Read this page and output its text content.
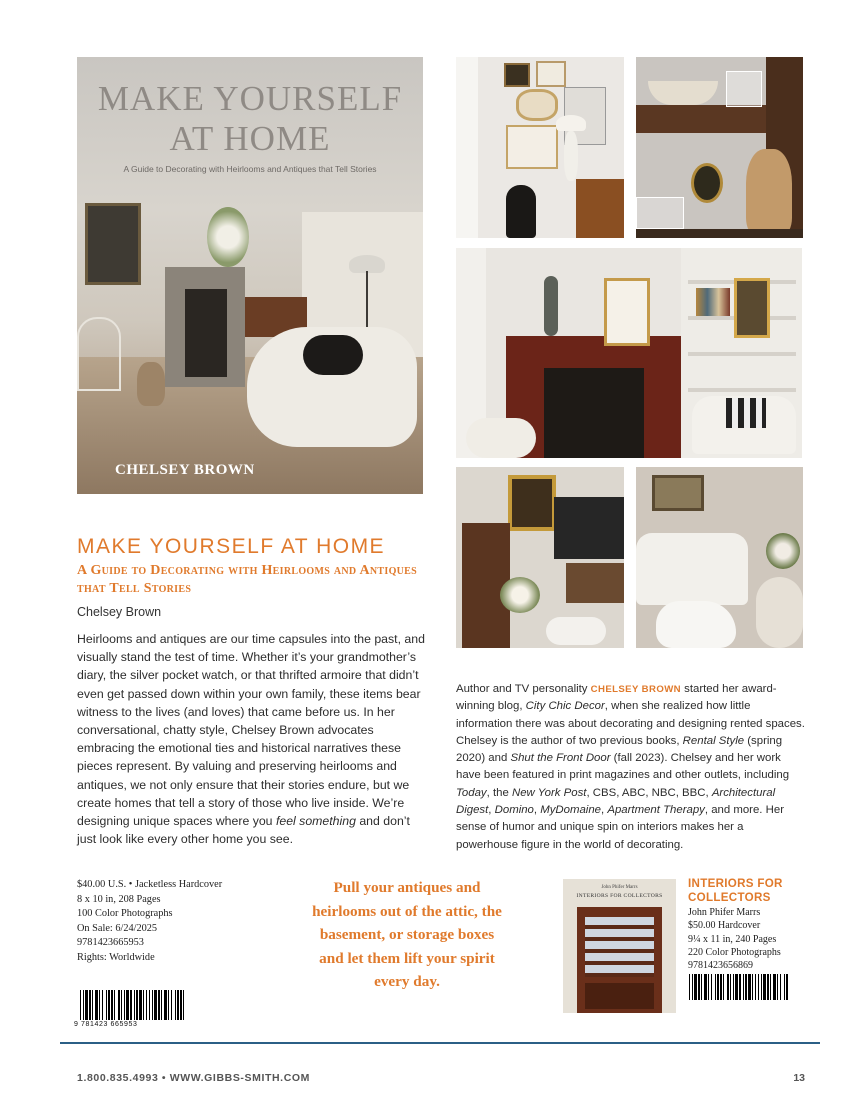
MAKE YOURSELF
AT HOME
A Guide to Decorating with Heirlooms and Antiques that Tell Stories
CHELSEY BROWN
MAKE YOURSELF AT HOME
A Guide to Decorating with Heirlooms and Antiques that Tell Stories
Chelsey Brown

Heirlooms and antiques are our time capsules into the past, and visually stand the test of time. Whether it’s your grandmother’s diary, the silver pocket watch, or that thrifted armoire that didn’t even get passed down within your own family, these items bear witness to the lives (and loves) that came before us. In her conversational, chatty style, Chelsey Brown advocates embracing the emotional ties and historical narratives these pieces represent. By valuing and preserving heirlooms and antiques, we not only ensure that their stories endure, but we create homes that tell a story of those who live inside. We’re designing unique spaces where you feel something and don’t just look like every other home you see.

Author and TV personality CHELSEY BROWN started her award-winning blog, City Chic Decor, when she realized how little information there was about decorating and designing rented spaces. Chelsey is the author of two previous books, Rental Style (spring 2020) and Shut the Front Door (fall 2023). Chelsey and her work have been featured in print magazines and other outlets, including Today, the New York Post, CBS, ABC, NBC, BBC, Architectural Digest, Domino, MyDomaine, Apartment Therapy, and more. Her sense of humor and unique spin on interiors makes her a powerhouse figure in the world of decorating.

$40.00 U.S. • Jacketless Hardcover
8 x 10 in, 208 Pages
100 Color Photographs
On Sale: 6/24/2025
9781423665953
Rights: Worldwide
9 781423 665953
Pull your antiques and heirlooms out of the attic, the basement, or storage boxes and let them lift your spirit every day.
John Phifer Marrs
INTERIORS FOR COLLECTORS
INTERIORS FOR COLLECTORS
John Phifer Marrs
$50.00 Hardcover
9¼ x 11 in, 240 Pages
220 Color Photographs
9781423656869
1.800.835.4993 • WWW.GIBBS-SMITH.COM	13
